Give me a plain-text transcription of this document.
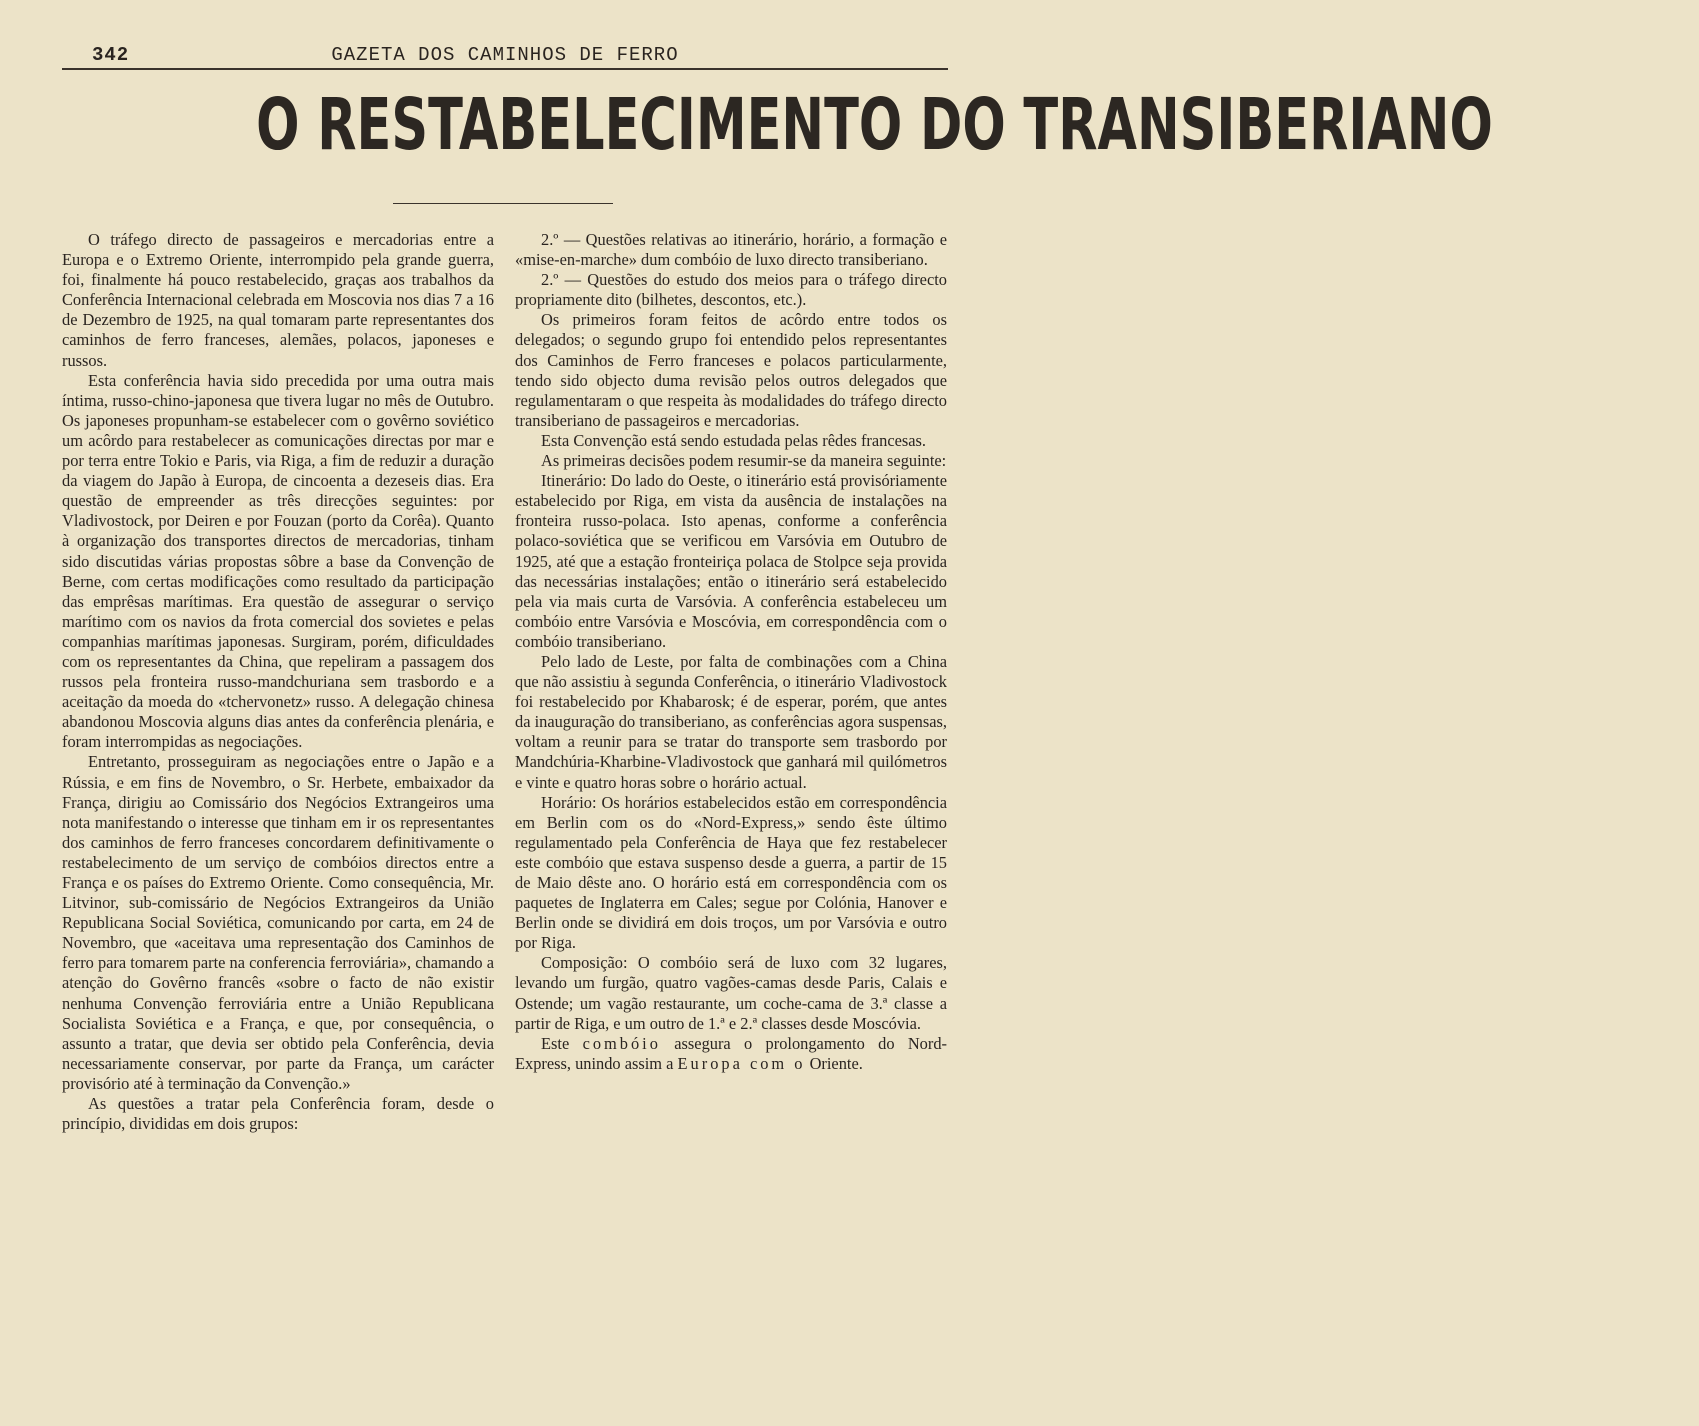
342	GAZETA DOS CAMINHOS DE FERRO
O RESTABELECIMENTO DO TRANSIBERIANO

O tráfego directo de passageiros e mercadorias entre a Europa e o Extremo Oriente, interrompido pela grande guerra, foi, finalmente há pouco restabelecido, graças aos trabalhos da Conferência Internacional celebrada em Moscovia nos dias 7 a 16 de Dezembro de 1925, na qual tomaram parte representantes dos caminhos de ferro franceses, alemães, polacos, japoneses e russos.

Esta conferência havia sido precedida por uma outra mais íntima, russo-chino-japonesa que tivera lugar no mês de Outubro. Os japoneses propunham-se estabelecer com o govêrno soviético um acôrdo para restabelecer as comunicações directas por mar e por terra entre Tokio e Paris, via Riga, a fim de reduzir a duração da viagem do Japão à Europa, de cincoenta a dezeseis dias. Era questão de empreender as três direcções seguintes: por Vladivostock, por Deiren e por Fouzan (porto da Corêa). Quanto à organização dos transportes directos de mercadorias, tinham sido discutidas várias propostas sôbre a base da Convenção de Berne, com certas modificações como resultado da participação das emprêsas marítimas. Era questão de assegurar o serviço marítimo com os navios da frota comercial dos sovietes e pelas companhias marítimas japonesas. Surgiram, porém, dificuldades com os representantes da China, que repeliram a passagem dos russos pela fronteira russo-mandchuriana sem trasbordo e a aceitação da moeda do «tchervonetz» russo. A delegação chinesa abandonou Moscovia alguns dias antes da conferência plenária, e foram interrompidas as negociações.

Entretanto, prosseguiram as negociações entre o Japão e a Rússia, e em fins de Novembro, o Sr. Herbete, embaixador da França, dirigiu ao Comissário dos Negócios Extrangeiros uma nota manifestando o interesse que tinham em ir os representantes dos caminhos de ferro franceses concordarem definitivamente o restabelecimento de um serviço de combóios directos entre a França e os países do Extremo Oriente. Como consequência, Mr. Litvinor, sub-comissário de Negócios Extrangeiros da União Republicana Social Soviética, comunicando por carta, em 24 de Novembro, que «aceitava uma representação dos Caminhos de ferro para tomarem parte na conferencia ferroviária», chamando a atenção do Govêrno francês «sobre o facto de não existir nenhuma Convenção ferroviária entre a União Republicana Socialista Soviética e a França, e que, por consequência, o assunto a tratar, que devia ser obtido pela Conferência, devia necessariamente conservar, por parte da França, um carácter provisório até à terminação da Convenção.»

As questões a tratar pela Conferência foram, desde o princípio, divididas em dois grupos:

2.º — Questões relativas ao itinerário, horário, a formação e «mise-en-marche» dum combóio de luxo directo transiberiano.

2.º — Questões do estudo dos meios para o tráfego directo propriamente dito (bilhetes, descontos, etc.).

Os primeiros foram feitos de acôrdo entre todos os delegados; o segundo grupo foi entendido pelos representantes dos Caminhos de Ferro franceses e polacos particularmente, tendo sido objecto duma revisão pelos outros delegados que regulamentaram o que respeita às modalidades do tráfego directo transiberiano de passageiros e mercadorias.

Esta Convenção está sendo estudada pelas rêdes francesas.

As primeiras decisões podem resumir-se da maneira seguinte:

Itinerário: Do lado do Oeste, o itinerário está provisóriamente estabelecido por Riga, em vista da ausência de instalações na fronteira russo-polaca. Isto apenas, conforme a conferência polaco-soviética que se verificou em Varsóvia em Outubro de 1925, até que a estação fronteiriça polaca de Stolpce seja provida das necessárias instalações; então o itinerário será estabelecido pela via mais curta de Varsóvia. A conferência estabeleceu um combóio entre Varsóvia e Moscóvia, em correspondência com o combóio transiberiano.

Pelo lado de Leste, por falta de combinações com a China que não assistiu à segunda Conferência, o itinerário Vladivostock foi restabelecido por Khabarosk; é de esperar, porém, que antes da inauguração do transiberiano, as conferências agora suspensas, voltam a reunir para se tratar do transporte sem trasbordo por Mandchúria-Kharbine-Vladivostock que ganhará mil quilómetros e vinte e quatro horas sobre o horário actual.

Horário: Os horários estabelecidos estão em correspondência em Berlin com os do «Nord-Express,» sendo êste último regulamentado pela Conferência de Haya que fez restabelecer este combóio que estava suspenso desde a guerra, a partir de 15 de Maio dêste ano. O horário está em correspondência com os paquetes de Inglaterra em Cales; segue por Colónia, Hanover e Berlin onde se dividirá em dois troços, um por Varsóvia e outro por Riga.

Composição: O combóio será de luxo com 32 lugares, levando um furgão, quatro vagões-camas desde Paris, Calais e Ostende; um vagão restaurante, um coche-cama de 3.ª classe a partir de Riga, e um outro de 1.ª e 2.ª classes desde Moscóvia.

Este combóio assegura o prolongamento do Nord-Express, unindo assim a Europa com o Oriente.
